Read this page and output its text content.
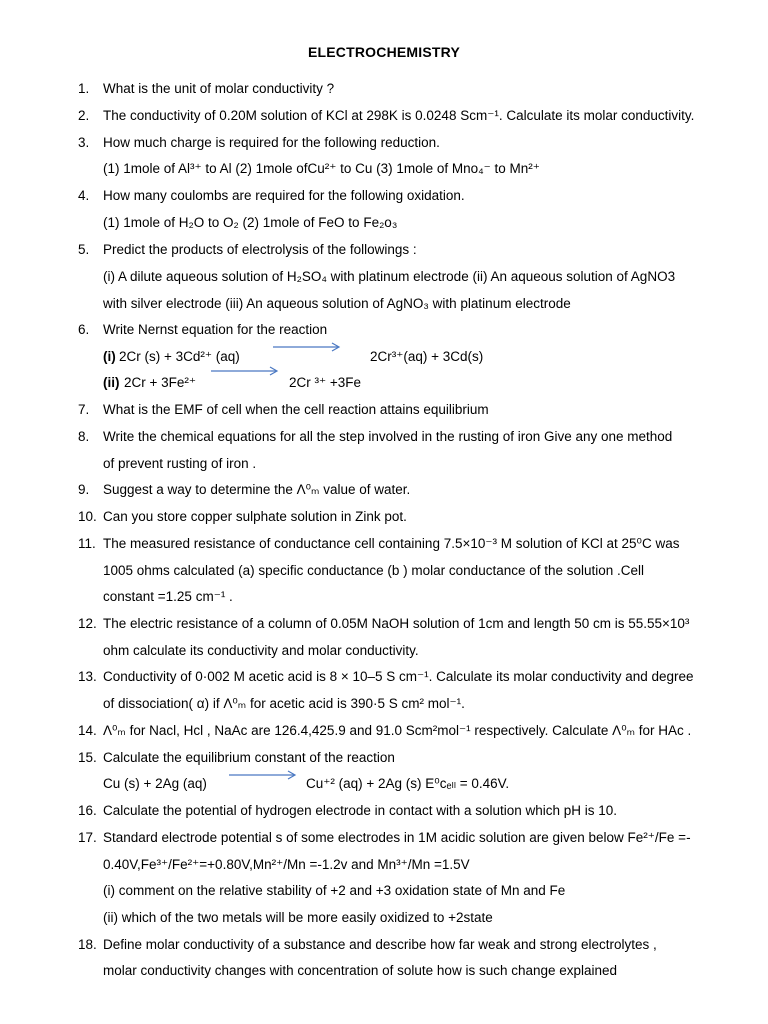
ELECTROCHEMISTRY
1. What is the unit of molar conductivity ?
2. The conductivity of 0.20M solution of KCl at 298K is 0.0248 Scm⁻¹. Calculate its molar conductivity.
3. How much charge is required for the following reduction.
(1) 1mole of Al³⁺ to Al (2) 1mole ofCu²⁺ to Cu (3) 1mole of Mno₄⁻ to Mn²⁺
4. How many coulombs are required for the following oxidation.
(1) 1mole of H₂O to O₂ (2) 1mole of FeO to Fe₂o₃
5. Predict the products of electrolysis of the followings :
(i) A dilute aqueous solution of H₂SO₄ with platinum electrode (ii) An aqueous solution of AgNO3
with silver electrode (iii) An aqueous solution of AgNO₃ with platinum electrode
6. Write Nernst equation for the reaction
(i) 2Cr (s) + 3Cd²⁺ (aq)	2Cr³⁺(aq) + 3Cd(s)
(ii) 2Cr + 3Fe²⁺	2Cr ³⁺ +3Fe
7. What is the EMF of cell when the cell reaction attains equilibrium
8. Write the chemical equations for all the step involved in the rusting of iron Give any one method
of prevent rusting of iron .
9. Suggest a way to determine the Λ⁰ₘ value of water.
10. Can you store copper sulphate solution in Zink pot.
11. The measured resistance of conductance cell containing 7.5×10⁻³ M solution of KCl at 25⁰C was
1005 ohms calculated (a) specific conductance (b ) molar conductance of the solution .Cell
constant =1.25 cm⁻¹ .
12. The electric resistance of a column of 0.05M NaOH solution of 1cm and length 50 cm is 55.55×10³
ohm calculate its conductivity and molar conductivity.
13. Conductivity of 0·002 M acetic acid is 8 × 10–5 S cm⁻¹. Calculate its molar conductivity and degree
of dissociation( α) if Λ⁰ₘ for acetic acid is 390·5 S cm² mol⁻¹.
14. Λ⁰ₘ for Nacl, Hcl , NaAc are 126.4,425.9 and 91.0 Scm²mol⁻¹ respectively. Calculate Λ⁰ₘ for HAc .
15. Calculate the equilibrium constant of the reaction
Cu (s) + 2Ag (aq)	Cu⁺² (aq) + 2Ag (s) E⁰ᴄₑₗₗ = 0.46V.
16. Calculate the potential of hydrogen electrode in contact with a solution which pH is 10.
17. Standard electrode potential s of some electrodes in 1M acidic solution are given below Fe²⁺/Fe =-
0.40V,Fe³⁺/Fe²⁺=+0.80V,Mn²⁺/Mn =-1.2v and Mn³⁺/Mn =1.5V
(i) comment on the relative stability of +2 and +3 oxidation state of Mn and Fe
(ii) which of the two metals will be more easily oxidized to +2state
18. Define molar conductivity of a substance and describe how far weak and strong electrolytes ,
molar conductivity changes with concentration of solute how is such change explained
